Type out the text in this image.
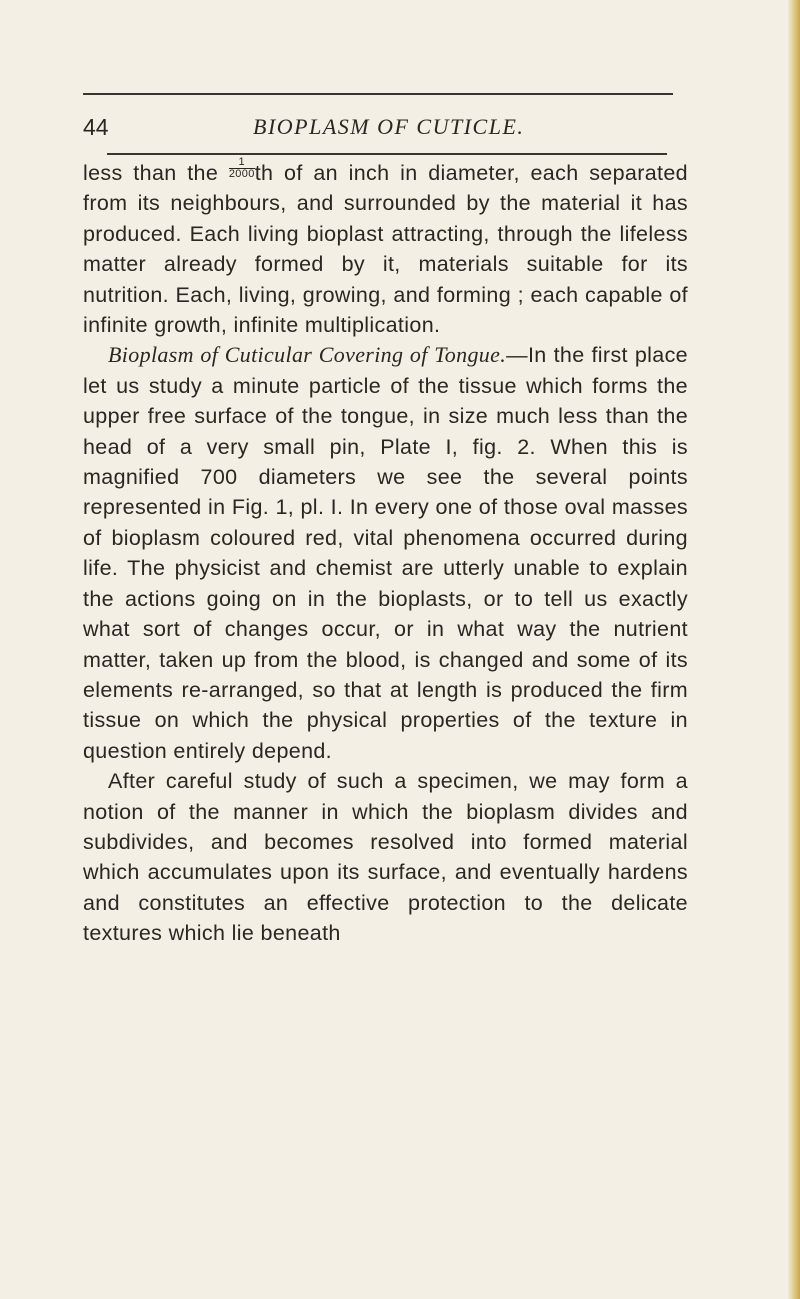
44	BIOPLASM OF CUTICLE.

less than the $\frac{1}{2000}$ th of an inch in diameter, each separated from its neighbours, and surrounded by the material it has produced. Each living bioplast attracting, through the lifeless matter already formed by it, materials suitable for its nutrition. Each, living, growing, and forming ; each capable of infinite growth, infinite multiplication.

Bioplasm of Cuticular Covering of Tongue.—In the first place let us study a minute particle of the tissue which forms the upper free surface of the tongue, in size much less than the head of a very small pin, Plate I, fig. 2. When this is magnified 700 diameters we see the several points represented in Fig. 1, pl. I. In every one of those oval masses of bioplasm coloured red, vital phenomena occurred during life. The physicist and chemist are utterly unable to explain the actions going on in the bioplasts, or to tell us exactly what sort of changes occur, or in what way the nutrient matter, taken up from the blood, is changed and some of its elements re-arranged, so that at length is produced the firm tissue on which the physical properties of the texture in question entirely depend.

After careful study of such a specimen, we may form a notion of the manner in which the bioplasm divides and subdivides, and becomes resolved into formed material which accumulates upon its surface, and eventually hardens and constitutes an effective protection to the delicate textures which lie beneath
